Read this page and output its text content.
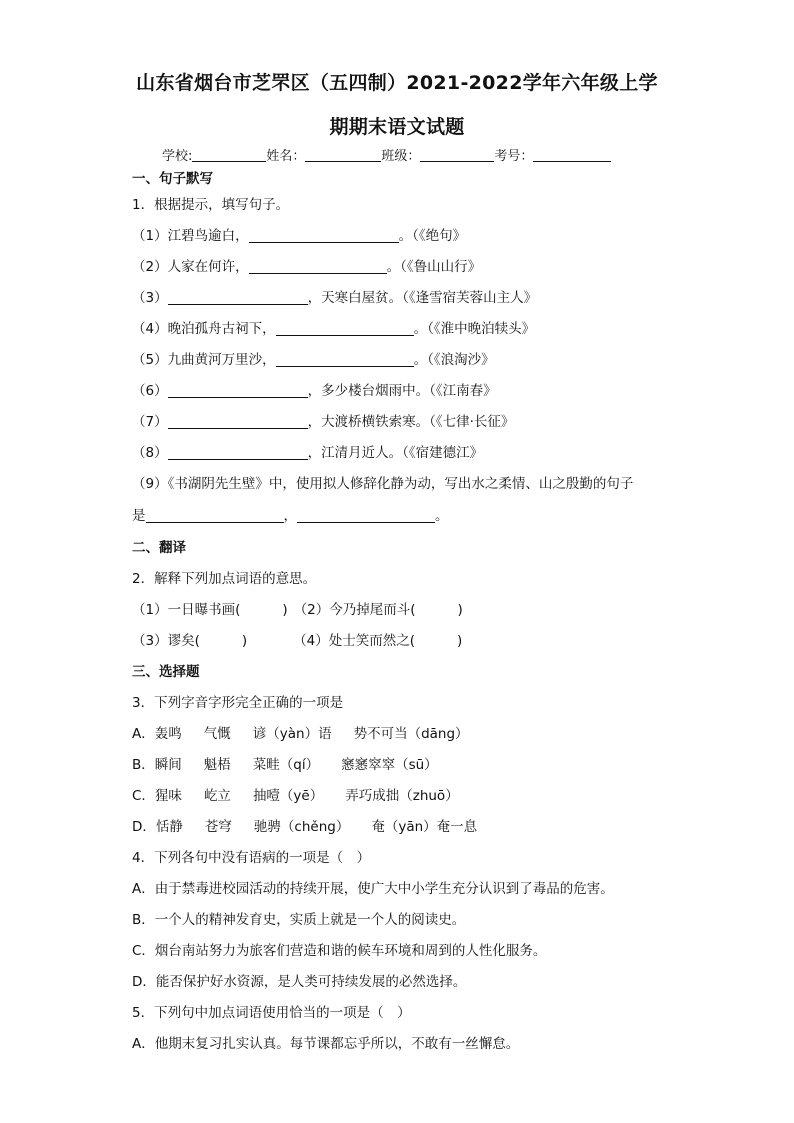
山东省烟台市芝罘区（五四制）2021-2022学年六年级上学
期期末语文试题
学校:	姓名：	班级：	考号：
一、句子默写
1．根据提示，填写句子。
（1）江碧鸟逾白，	。（《绝句》
（2）人家在何许，	。（《鲁山山行》
（3）	，天寒白屋贫。（《逢雪宿芙蓉山主人》
（4）晚泊孤舟古祠下，	。（《淮中晚泊犊头》
（5）九曲黄河万里沙，	。（《浪淘沙》
（6）	，多少楼台烟雨中。（《江南春》
（7）	，大渡桥横铁索寒。（《七律·长征》
（8）	，江清月近人。（《宿建德江》
（9）《书湖阴先生壁》中，使用拟人修辞化静为动，写出水之柔情、山之殷勤的句子
是	，	。
二、翻译
2．解释下列加点词语的意思。
（1）一日曝书画(	) （2）今乃掉尾而斗(	)
（3）谬矣(	)	（4）处士笑而然之(	)
三、选择题
3．下列字音字形完全正确的一项是
A．轰鸣 气慨 谚（yàn）语 势不可当（dāng）
B．瞬间 魁梧 菜畦（qí） 窸窸窣窣（sū）
C．猩味 屹立 抽噎（yē） 弄巧成拙（zhuō）
D．恬静 苍穹 驰骋（chěng） 奄（yān）奄一息
4．下列各句中没有语病的一项是（　）
A．由于禁毒进校园活动的持续开展，使广大中小学生充分认识到了毒品的危害。
B．一个人的精神发育史，实质上就是一个人的阅读史。
C．烟台南站努力为旅客们营造和谐的候车环境和周到的人性化服务。
D．能否保护好水资源，是人类可持续发展的必然选择。
5．下列句中加点词语使用恰当的一项是（　）
A．他期末复习扎实认真。每节课都忘乎所以，不敢有一丝懈怠。
